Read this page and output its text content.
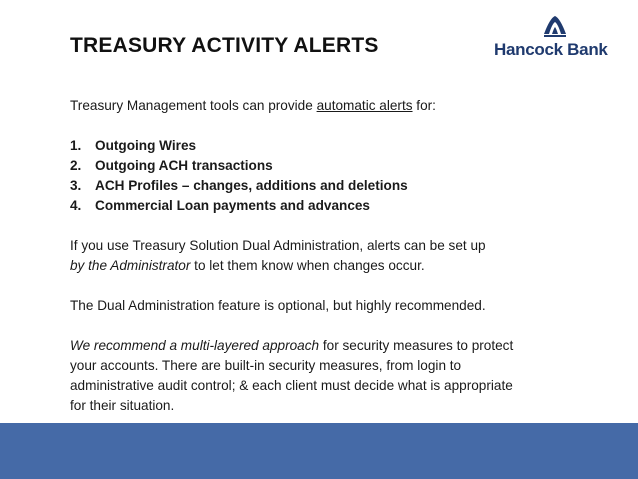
TREASURY ACTIVITY ALERTS	Hancock Bank

Treasury Management tools can provide automatic alerts for:

1. Outgoing Wires
2. Outgoing ACH transactions
3. ACH Profiles – changes, additions and deletions
4. Commercial Loan payments and advances

If you use Treasury Solution Dual Administration, alerts can be set up
by the Administrator to let them know when changes occur.

The Dual Administration feature is optional, but highly recommended.

We recommend a multi-layered approach for security measures to protect
your accounts. There are built-in security measures, from login to
administrative audit control; & each client must decide what is appropriate
for their situation.
